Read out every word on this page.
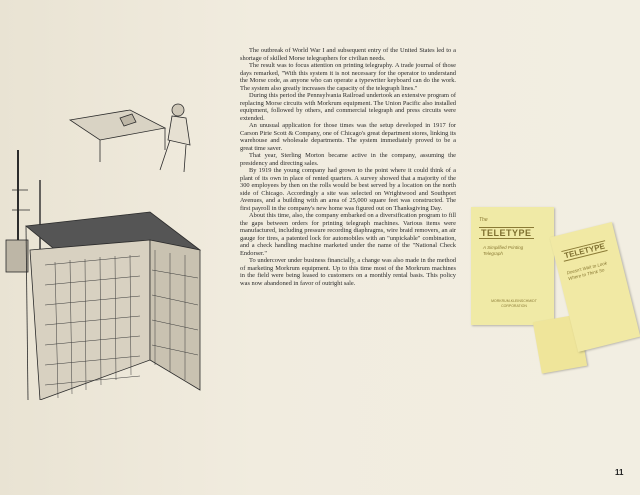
The outbreak of World War I and subsequent entry of the United States led to a shortage of skilled Morse telegraphers for civilian needs.

The result was to focus attention on printing telegraphy. A trade journal of those days remarked, "With this system it is not necessary for the operator to understand the Morse code, as anyone who can operate a typewriter keyboard can do the work. The system also greatly increases the capacity of the telegraph lines."

During this period the Pennsylvania Railroad undertook an extensive program of replacing Morse circuits with Morkrum equipment. The Union Pacific also installed equipment, followed by others, and commercial telegraph and press circuits were extended.

An unusual application for those times was the setup developed in 1917 for Carson Pirie Scott & Company, one of Chicago's great department stores, linking its warehouse and wholesale departments. The system immediately proved to be a great time saver.

That year, Sterling Morton became active in the company, assuming the presidency and directing sales.

By 1919 the young company had grown to the point where it could think of a plant of its own in place of rented quarters. A survey showed that a majority of the 300 employees by then on the rolls would be best served by a location on the north side of Chicago. Accordingly a site was selected on Wrightwood and Southport Avenues, and a building with an area of 25,000 square feet was constructed. The first payroll in the company's new home was figured out on Thanksgiving Day.

About this time, also, the company embarked on a diversification program to fill the gaps between orders for printing telegraph machines. Various items were manufactured, including pressure recording diaphragms, wire braid removers, an air gauge for tires, a patented lock for automobiles with an "unpickable" combination, and a check handling machine marketed under the name of the "National Check Endorser."

To undercover under business financially, a change was also made in the method of marketing Morkrum equipment. Up to this time most of the Morkrum machines in the field were being leased to customers on a monthly rental basis. This policy was now abandoned in favor of outright sale.

The
TELETYPE
A Simplified Printing Telegraph
MORKRUM-KLEINSCHMIDT CORPORATION
TELETYPE
Doesn't Wait to Look Where to Think So
11
